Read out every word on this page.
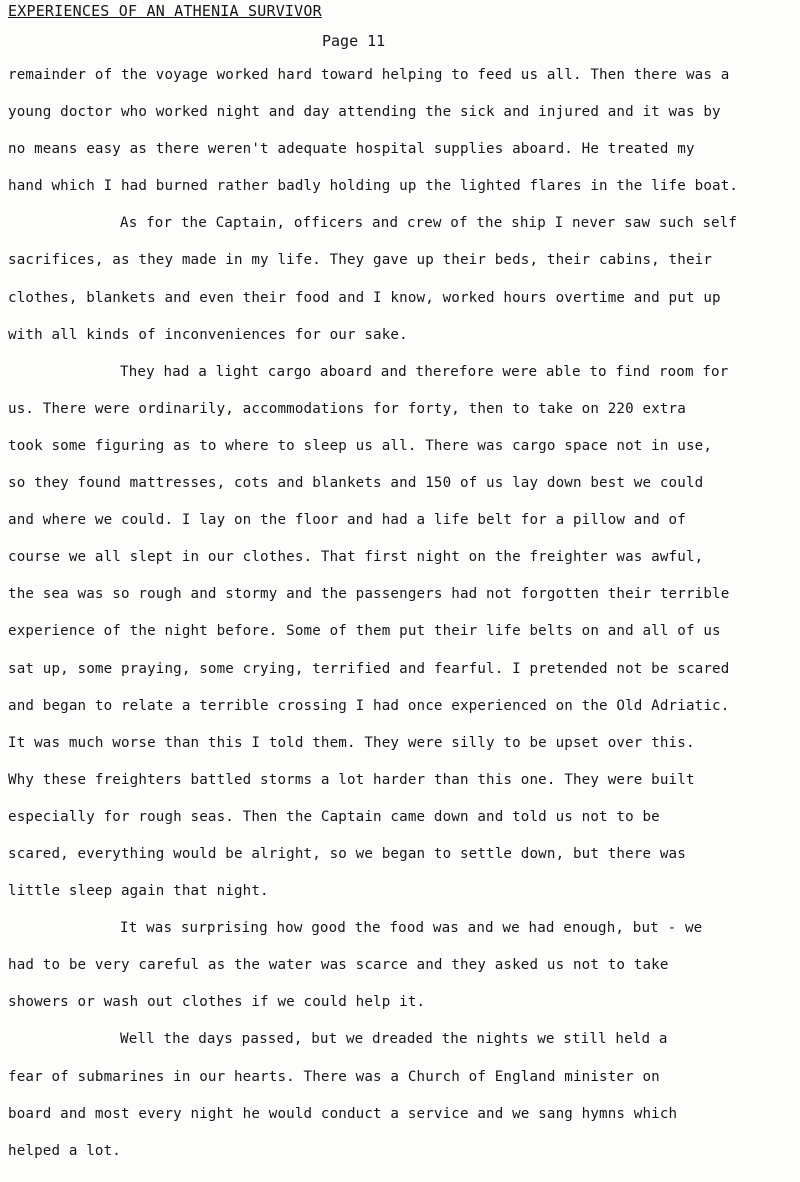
EXPERIENCES OF AN ATHENIA SURVIVOR
Page 11
remainder of the voyage worked hard toward helping to feed us all. Then there was a
young doctor who worked night and day attending the sick and injured and it was by
no means easy as there weren't adequate hospital supplies aboard. He treated my
hand which I had burned rather badly holding up the lighted flares in the life boat.
As for the Captain, officers and crew of the ship I never saw such self
sacrifices, as they made in my life. They gave up their beds, their cabins, their
clothes, blankets and even their food and I know, worked hours overtime and put up
with all kinds of inconveniences for our sake.
They had a light cargo aboard and therefore were able to find room for
us. There were ordinarily, accommodations for forty, then to take on 220 extra
took some figuring as to where to sleep us all. There was cargo space not in use,
so they found mattresses, cots and blankets and 150 of us lay down best we could
and where we could. I lay on the floor and had a life belt for a pillow and of
course we all slept in our clothes. That first night on the freighter was awful,
the sea was so rough and stormy and the passengers had not forgotten their terrible
experience of the night before. Some of them put their life belts on and all of us
sat up, some praying, some crying, terrified and fearful. I pretended not be scared
and began to relate a terrible crossing I had once experienced on the Old Adriatic.
It was much worse than this I told them. They were silly to be upset over this.
Why these freighters battled storms a lot harder than this one. They were built
especially for rough seas. Then the Captain came down and told us not to be
scared, everything would be alright, so we began to settle down, but there was
little sleep again that night.
It was surprising how good the food was and we had enough, but - we
had to be very careful as the water was scarce and they asked us not to take
showers or wash out clothes if we could help it.
Well the days passed, but we dreaded the nights we still held a
fear of submarines in our hearts. There was a Church of England minister on
board and most every night he would conduct a service and we sang hymns which
helped a lot.
